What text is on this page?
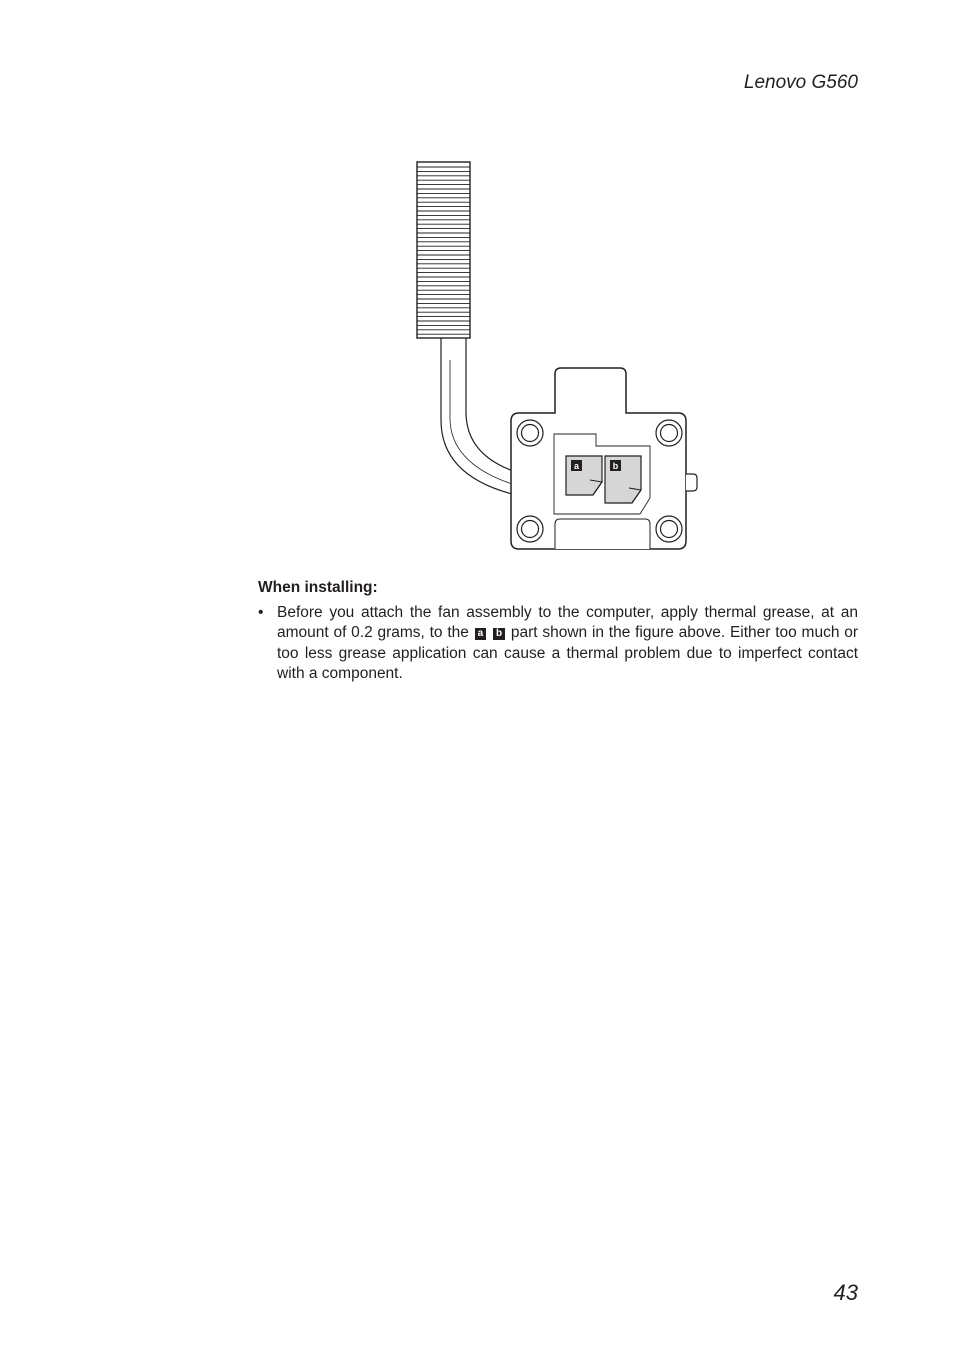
Lenovo G560
a	b
When installing:
• Before you attach the fan assembly to the computer, apply thermal grease, at an amount of 0.2 grams, to the a b part shown in the figure above. Either too much or too less grease application can cause a thermal problem due to imperfect contact with a component.
43
